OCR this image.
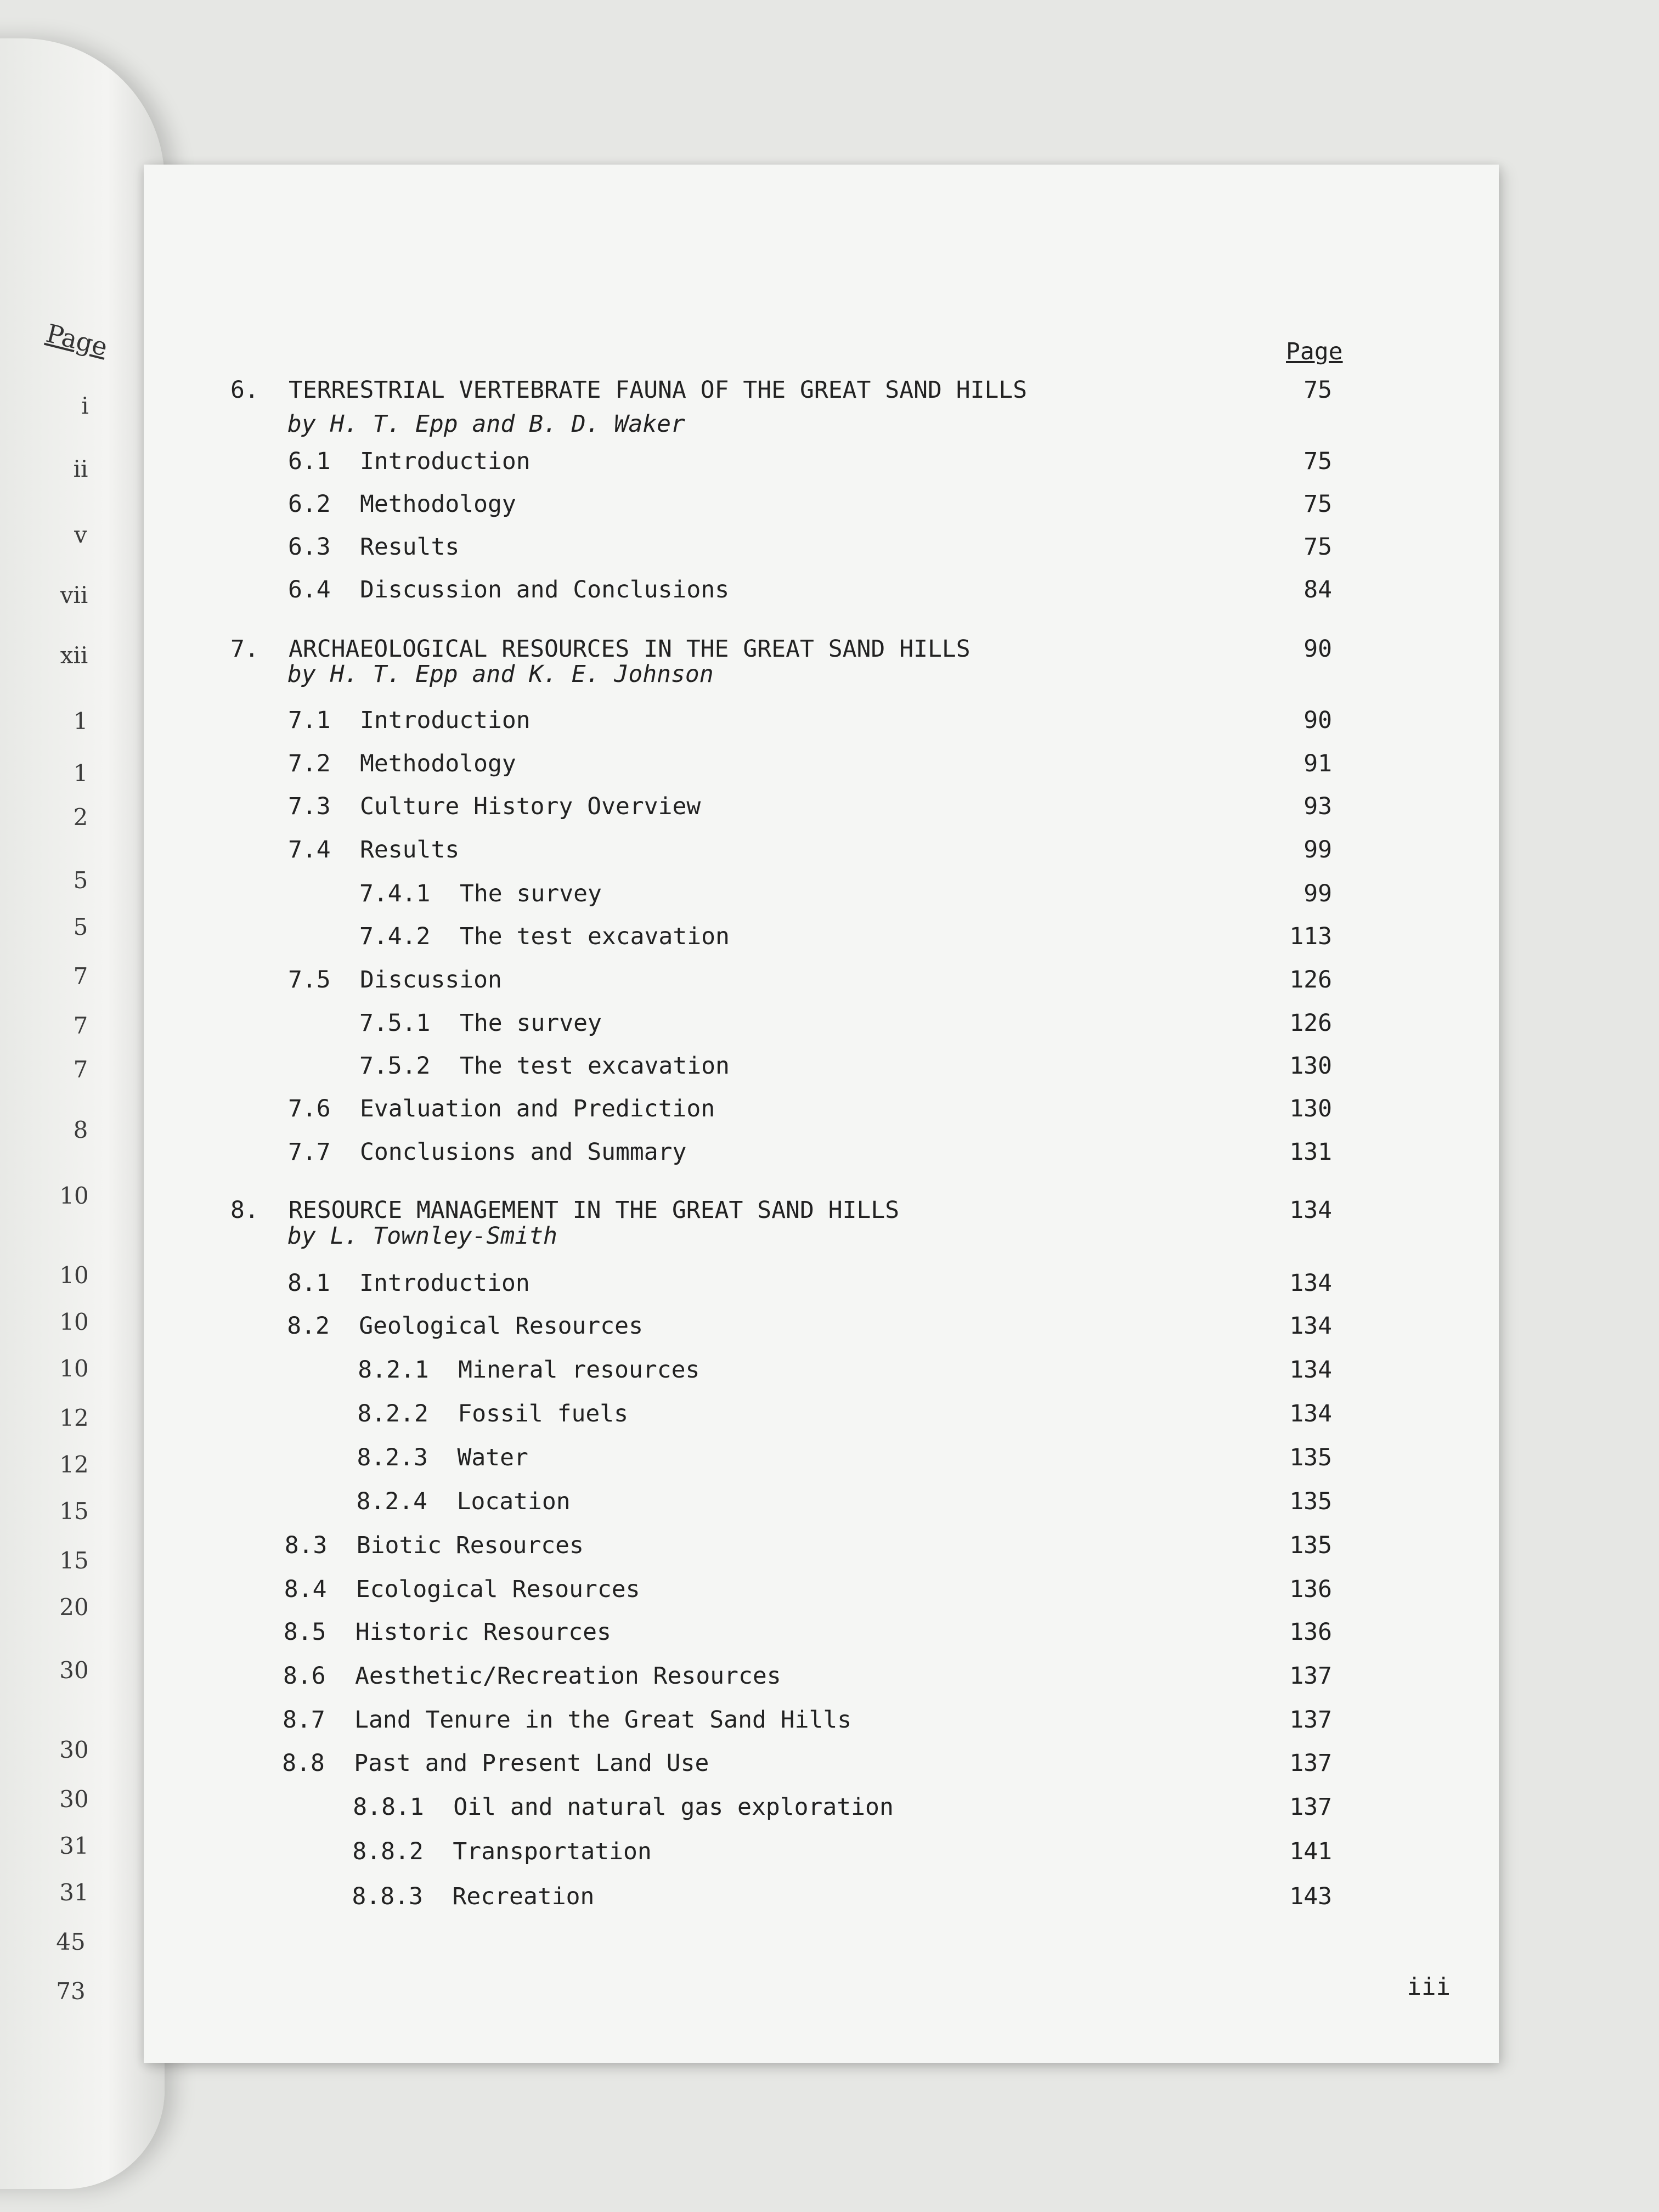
Page
i
ii
v
vii
xii
1
1
2
5
5
7
7
7
8
10
10
10
10
12
12
15
15
20
30
30
30
31
31
45
73
Page
6. TERRESTRIAL VERTEBRATE FAUNA OF THE GREAT SAND HILLS	75
by H. T. Epp and B. D. Waker
6.1 Introduction	75
6.2 Methodology	75
6.3 Results	75
6.4 Discussion and Conclusions	84
7. ARCHAEOLOGICAL RESOURCES IN THE GREAT SAND HILLS	90
by H. T. Epp and K. E. Johnson
7.1 Introduction	90
7.2 Methodology	91
7.3 Culture History Overview	93
7.4 Results	99
7.4.1 The survey	99
7.4.2 The test excavation	113
7.5 Discussion	126
7.5.1 The survey	126
7.5.2 The test excavation	130
7.6 Evaluation and Prediction	130
7.7 Conclusions and Summary	131
8. RESOURCE MANAGEMENT IN THE GREAT SAND HILLS	134
by L. Townley-Smith
8.1 Introduction	134
8.2 Geological Resources	134
8.2.1 Mineral resources	134
8.2.2 Fossil fuels	134
8.2.3 Water	135
8.2.4 Location	135
8.3 Biotic Resources	135
8.4 Ecological Resources	136
8.5 Historic Resources	136
8.6 Aesthetic/Recreation Resources	137
8.7 Land Tenure in the Great Sand Hills	137
8.8 Past and Present Land Use	137
8.8.1 Oil and natural gas exploration	137
8.8.2 Transportation	141
8.8.3 Recreation	143
iii
